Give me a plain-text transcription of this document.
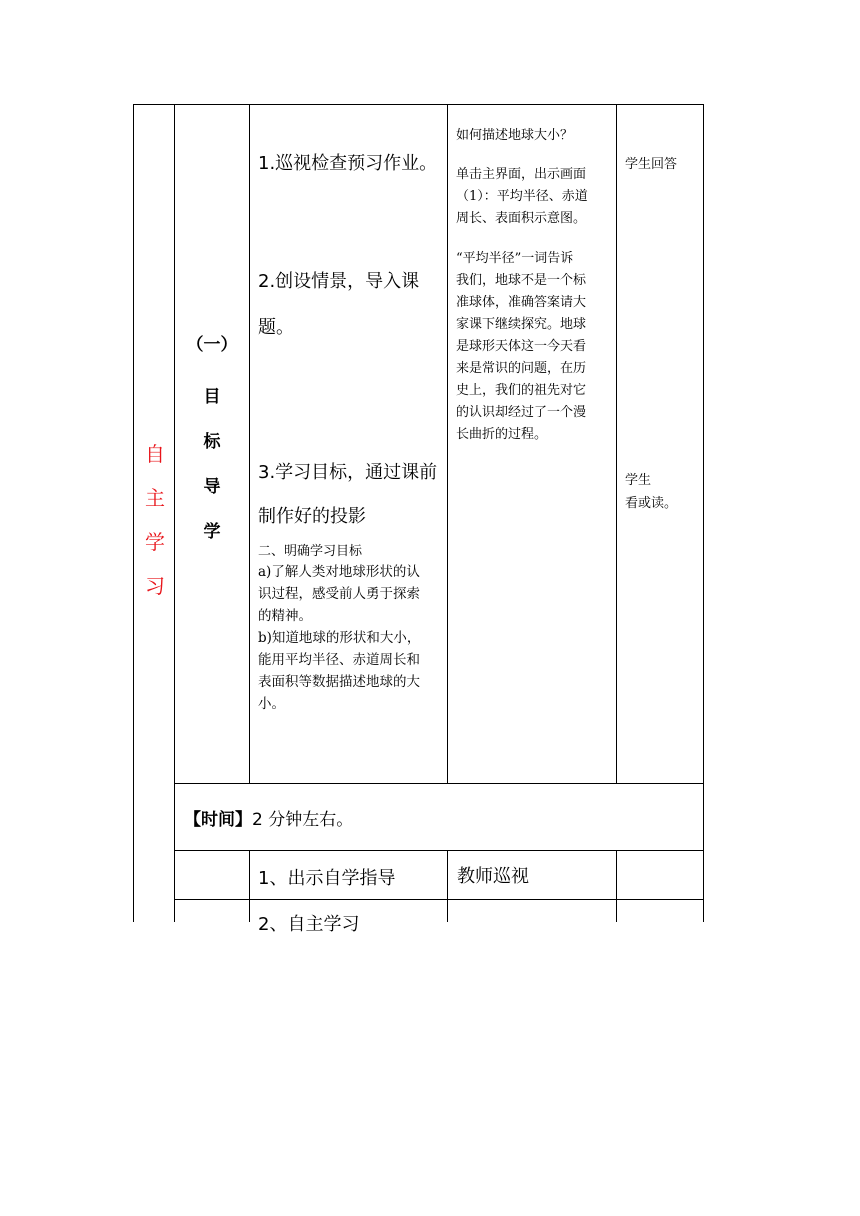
自
主
学
习
（一）
目
标
导
学
1.巡视检查预习作业。
2.创设情景，导入课
题。
3.学习目标，通过课前
制作好的投影
二、明确学习目标
a)了解人类对地球形状的认
识过程，感受前人勇于探索
的精神。
b)知道地球的形状和大小，
能用平均半径、赤道周长和
表面积等数据描述地球的大
小。
如何描述地球大小？
单击主界面，出示画面
（1）：平均半径、赤道
周长、表面积示意图。
“平均半径”一词告诉
我们，地球不是一个标
准球体，准确答案请大
家课下继续探究。地球
是球形天体这一今天看
来是常识的问题，在历
史上，我们的祖先对它
的认识却经过了一个漫
长曲折的过程。
学生回答
学生
看或读。
【时间】2 分钟左右。
1、出示自学指导	教师巡视
2、自主学习
